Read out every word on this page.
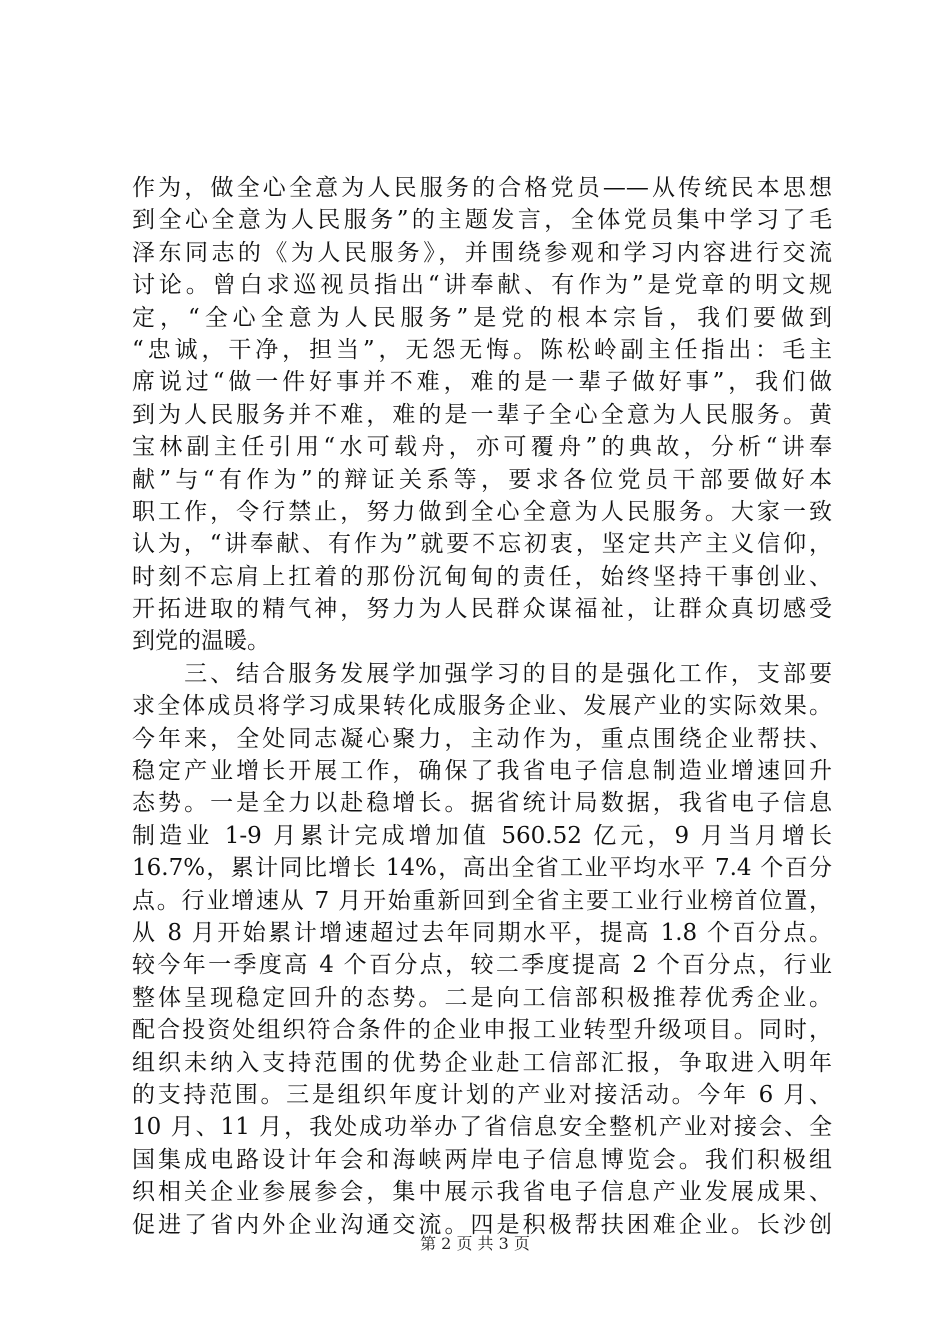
作为，做全心全意为人民服务的合格党员——从传统民本思想
到全心全意为人民服务”的主题发言，全体党员集中学习了毛
泽东同志的《为人民服务》，并围绕参观和学习内容进行交流
讨论。曾白求巡视员指出“讲奉献、有作为”是党章的明文规
定，“全心全意为人民服务”是党的根本宗旨，我们要做到
“忠诚，干净，担当”，无怨无悔。陈松岭副主任指出：毛主
席说过“做一件好事并不难，难的是一辈子做好事”，我们做
到为人民服务并不难，难的是一辈子全心全意为人民服务。黄
宝林副主任引用“水可载舟，亦可覆舟”的典故，分析“讲奉
献”与“有作为”的辩证关系等，要求各位党员干部要做好本
职工作，令行禁止，努力做到全心全意为人民服务。大家一致
认为，“讲奉献、有作为”就要不忘初衷，坚定共产主义信仰，
时刻不忘肩上扛着的那份沉甸甸的责任，始终坚持干事创业、
开拓进取的精气神，努力为人民群众谋福祉，让群众真切感受
到党的温暖。
　　三、结合服务发展学加强学习的目的是强化工作，支部要
求全体成员将学习成果转化成服务企业、发展产业的实际效果。
今年来，全处同志凝心聚力，主动作为，重点围绕企业帮扶、
稳定产业增长开展工作，确保了我省电子信息制造业增速回升
态势。一是全力以赴稳增长。据省统计局数据，我省电子信息
制造业 1-9 月累计完成增加值 560.52 亿元，9 月当月增长
16.7%，累计同比增长 14%，高出全省工业平均水平 7.4 个百分
点。行业增速从 7 月开始重新回到全省主要工业行业榜首位置，
从 8 月开始累计增速超过去年同期水平，提高 1.8 个百分点。
较今年一季度高 4 个百分点，较二季度提高 2 个百分点，行业
整体呈现稳定回升的态势。二是向工信部积极推荐优秀企业。
配合投资处组织符合条件的企业申报工业转型升级项目。同时，
组织未纳入支持范围的优势企业赴工信部汇报，争取进入明年
的支持范围。三是组织年度计划的产业对接活动。今年 6 月、
10 月、11 月，我处成功举办了省信息安全整机产业对接会、全
国集成电路设计年会和海峡两岸电子信息博览会。我们积极组
织相关企业参展参会，集中展示我省电子信息产业发展成果、
促进了省内外企业沟通交流。四是积极帮扶困难企业。长沙创
第 2 页 共 3 页
